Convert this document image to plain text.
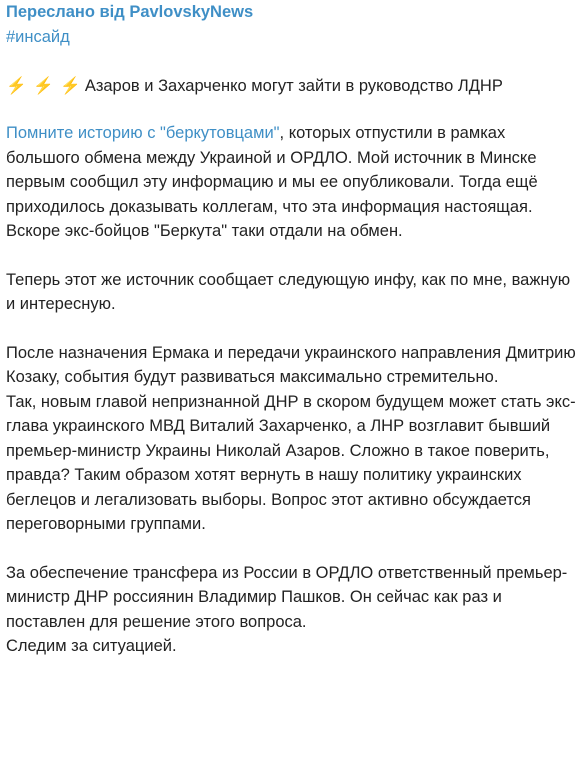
Переслано від PavlovskyNews
#инсайд
⚡ ⚡ ⚡ Азаров и Захарченко могут зайти в руководство ЛДНР

Помните историю с "беркутовцами", которых отпустили в рамках большого обмена между Украиной и ОРДЛО. Мой источник в Минске первым сообщил эту информацию и мы ее опубликовали. Тогда ещё приходилось доказывать коллегам, что эта информация настоящая. Вскоре экс-бойцов "Беркута" таки отдали на обмен.

Теперь этот же источник сообщает следующую инфу, как по мне, важную и интересную.

После назначения Ермака и передачи украинского направления Дмитрию Козаку, события будут развиваться максимально стремительно.

Так, новым главой непризнанной ДНР в скором будущем может стать экс-глава украинского МВД Виталий Захарченко, а ЛНР возглавит бывший премьер-министр Украины Николай Азаров. Сложно в такое поверить, правда? Таким образом хотят вернуть в нашу политику украинских беглецов и легализовать выборы. Вопрос этот активно обсуждается переговорными группами.

За обеспечение трансфера из России в ОРДЛО ответственный премьер-министр ДНР россиянин Владимир Пашков. Он сейчас как раз и поставлен для решение этого вопроса.

Следим за ситуацией.
